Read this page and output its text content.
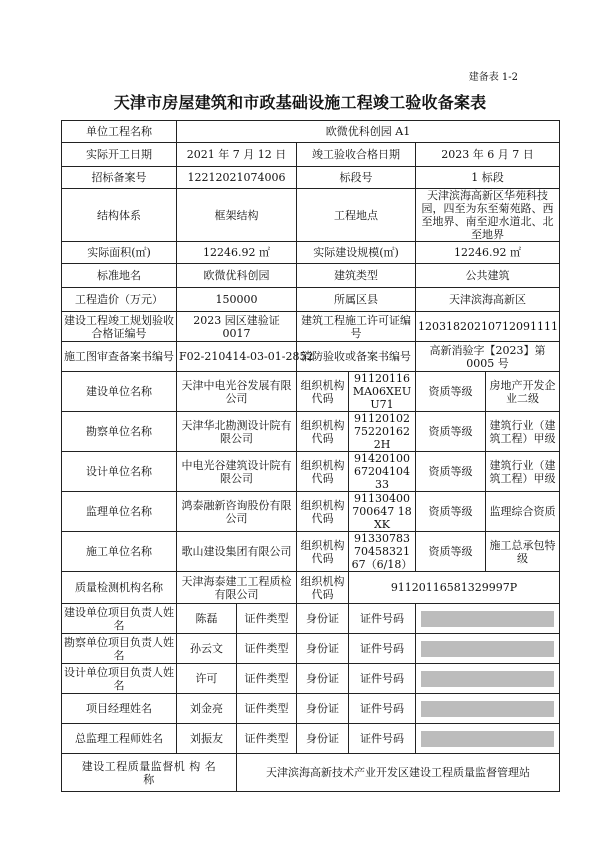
建备表 1-2
天津市房屋建筑和市政基础设施工程竣工验收备案表
单位工程名称	欧微优科创园 A1					
实际开工日期	2021 年 7 月 12 日		竣工验收合格日期		2023 年 6 月 7 日	
招标备案号	12212021074006		标段号		1 标段	
结构体系	框架结构		工程地点		天津滨海高新区华苑科技园，四至为东至菊苑路、西至地界、南至迎水道北、北至地界	
实际面积(㎡)	12246.92 ㎡		实际建设规模(㎡)		12246.92 ㎡	
标准地名	欧微优科创园		建筑类型		公共建筑	
工程造价（万元）	150000		所属区县		天津滨海高新区	
建设工程竣工规划验收合格证编号	2023 园区建验证 0017		建筑工程施工许可证编号		12031820210712091111	
施工图审查备案书编号	F02-210414-03-01-2852		消防验收或备案书编号		高新消验字【2023】第 0005 号	
建设单位名称	天津中电光谷发展有限公司		组织机构代码	91120116MA06XEUU71	资质等级	房地产开发企业二级
勘察单位名称	天津华北勘测设计院有限公司		组织机构代码	91120102752201622H	资质等级	建筑行业（建筑工程）甲级
设计单位名称	中电光谷建筑设计院有限公司		组织机构代码	914201006720410433	资质等级	建筑行业（建筑工程）甲级
监理单位名称	鸿泰融新咨询股份有限公司		组织机构代码	91130400700647 18XK	资质等级	监理综合资质
施工单位名称	歌山建设集团有限公司		组织机构代码	913307837045832167（6/18）	资质等级	施工总承包特级
质量检测机构名称	天津海泰建工工程质检有限公司		组织机构代码	91120116581329997P		
建设单位项目负责人姓名	陈磊	证件类型	身份证	证件号码		

勘察单位项目负责人姓名	孙云文	证件类型	身份证	证件号码		

设计单位项目负责人姓名	许可	证件类型	身份证	证件号码		

项目经理姓名	刘金亮	证件类型	身份证	证件号码		

总监理工程师姓名	刘振友	证件类型	身份证	证件号码		

建设工程质量监督机 构 名 称		天津滨海高新技术产业开发区建设工程质量监督管理站				
